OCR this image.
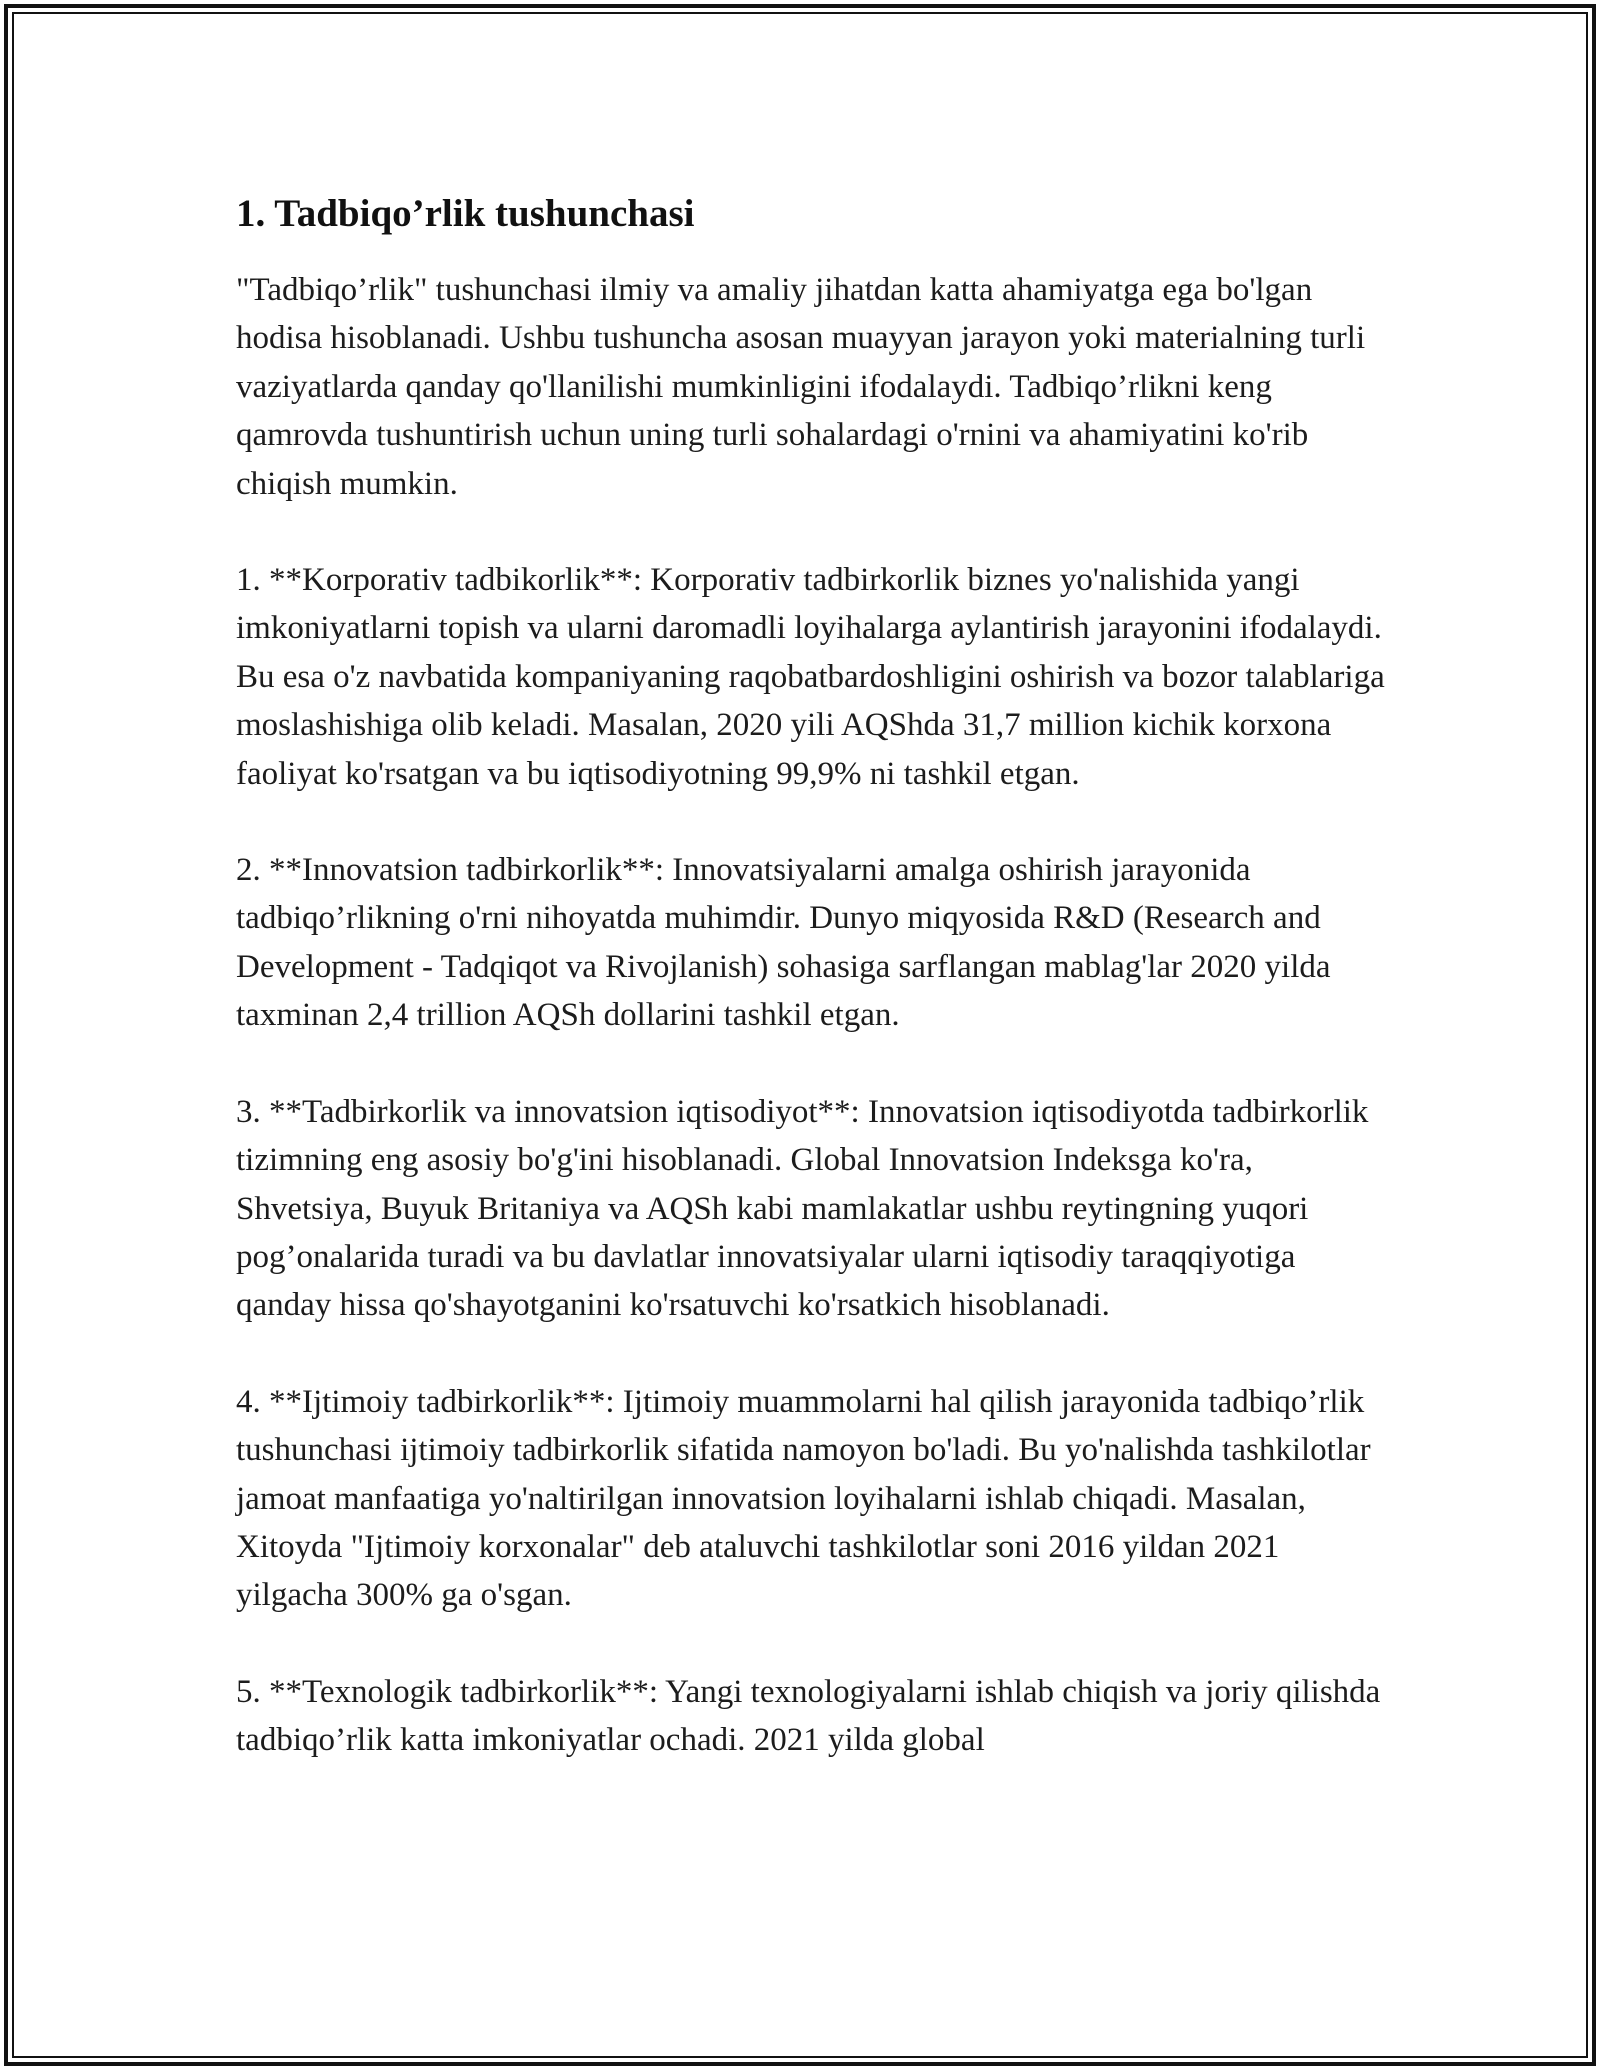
1. Tadbiqo’rlik tushunchasi

"Tadbiqo’rlik" tushunchasi ilmiy va amaliy jihatdan katta ahamiyatga ega bo'lgan hodisa hisoblanadi. Ushbu tushuncha asosan muayyan jarayon yoki materialning turli vaziyatlarda qanday qo'llanilishi mumkinligini ifodalaydi. Tadbiqo’rlikni keng qamrovda tushuntirish uchun uning turli sohalardagi o'rnini va ahamiyatini ko'rib chiqish mumkin.

1. **Korporativ tadbikorlik**: Korporativ tadbirkorlik biznes yo'nalishida yangi imkoniyatlarni topish va ularni daromadli loyihalarga aylantirish jarayonini ifodalaydi. Bu esa o'z navbatida kompaniyaning raqobatbardoshligini oshirish va bozor talablariga moslashishiga olib keladi. Masalan, 2020 yili AQShda 31,7 million kichik korxona faoliyat ko'rsatgan va bu iqtisodiyotning 99,9% ni tashkil etgan.

2. **Innovatsion tadbirkorlik**: Innovatsiyalarni amalga oshirish jarayonida tadbiqo’rlikning o'rni nihoyatda muhimdir. Dunyo miqyosida R&D (Research and Development - Tadqiqot va Rivojlanish) sohasiga sarflangan mablag'lar 2020 yilda taxminan 2,4 trillion AQSh dollarini tashkil etgan.

3. **Tadbirkorlik va innovatsion iqtisodiyot**: Innovatsion iqtisodiyotda tadbirkorlik tizimning eng asosiy bo'g'ini hisoblanadi. Global Innovatsion Indeksga ko'ra, Shvetsiya, Buyuk Britaniya va AQSh kabi mamlakatlar ushbu reytingning yuqori pog’onalarida turadi va bu davlatlar innovatsiyalar ularni iqtisodiy taraqqiyotiga qanday hissa qo'shayotganini ko'rsatuvchi ko'rsatkich hisoblanadi.

4. **Ijtimoiy tadbirkorlik**: Ijtimoiy muammolarni hal qilish jarayonida tadbiqo’rlik tushunchasi ijtimoiy tadbirkorlik sifatida namoyon bo'ladi. Bu yo'nalishda tashkilotlar jamoat manfaatiga yo'naltirilgan innovatsion loyihalarni ishlab chiqadi. Masalan, Xitoyda "Ijtimoiy korxonalar" deb ataluvchi tashkilotlar soni 2016 yildan 2021 yilgacha 300% ga o'sgan.

5. **Texnologik tadbirkorlik**: Yangi texnologiyalarni ishlab chiqish va joriy qilishda tadbiqo’rlik katta imkoniyatlar ochadi. 2021 yilda global
